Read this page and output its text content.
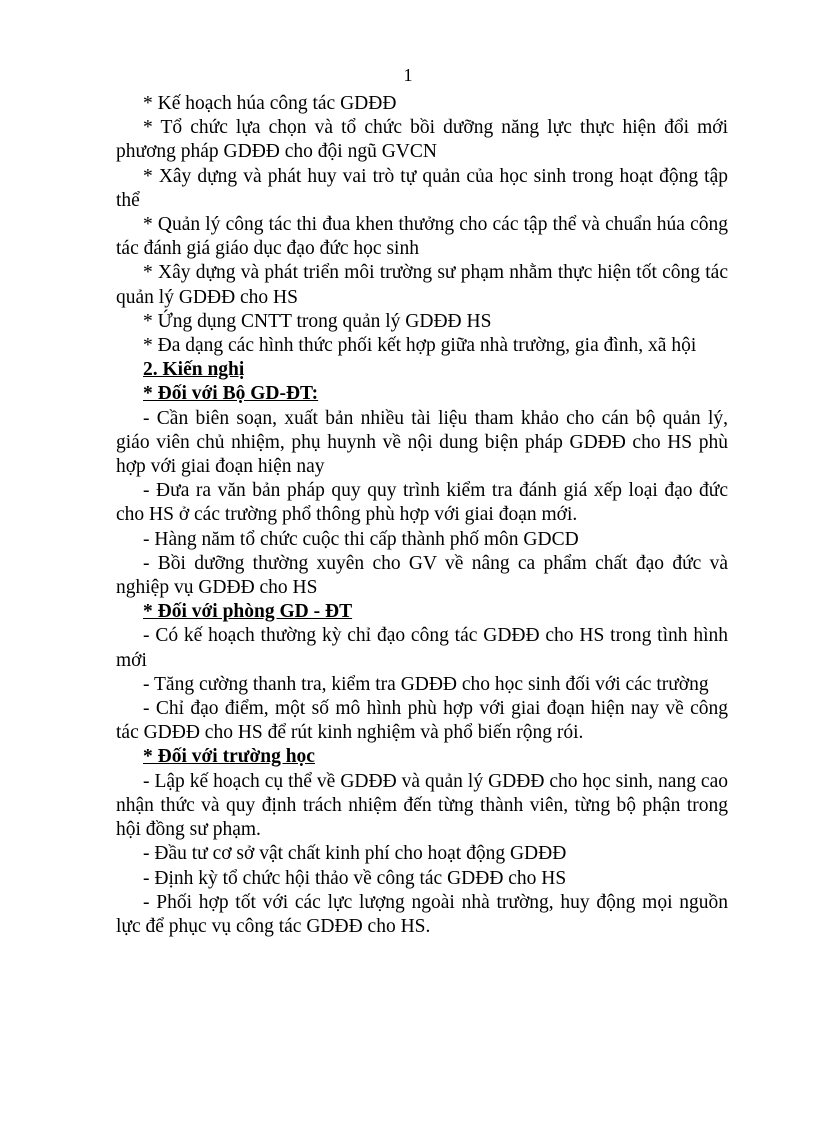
1

* Kế hoạch húa công tác GDĐĐ

* Tổ chức lựa chọn và tổ chức bồi dưỡng năng lực thực hiện đổi mới phương pháp GDĐĐ cho đội ngũ GVCN

* Xây dựng và phát huy vai trò tự quản của học sinh trong hoạt động tập thể

* Quản lý công tác thi đua khen thưởng cho các tập thể và chuẩn húa công tác đánh giá giáo dục đạo đức học sinh

* Xây dựng và phát triển môi trường sư phạm nhằm thực hiện tốt công tác quản lý GDĐĐ cho HS

* Ứng dụng CNTT trong quản lý GDĐĐ HS

* Đa dạng các hình thức phối kết hợp giữa nhà trường, gia đình, xã hội

2. Kiến nghị

* Đối với Bộ GD-ĐT:

- Cần biên soạn, xuất bản nhiều tài liệu tham khảo cho cán bộ quản lý, giáo viên chủ nhiệm, phụ huynh về nội dung biện pháp GDĐĐ cho HS phù hợp với giai đoạn hiện nay

- Đưa ra văn bản pháp quy quy trình kiểm tra đánh giá xếp loại đạo đức cho HS ở các trường phổ thông phù hợp với giai đoạn mới.

- Hàng năm tổ chức cuộc thi cấp thành phố môn GDCD

- Bồi dưỡng thường xuyên cho GV về nâng ca phẩm chất đạo đức và nghiệp vụ GDĐĐ cho HS

* Đối với phòng GD - ĐT

- Có kế hoạch thường kỳ chỉ đạo công tác GDĐĐ cho HS trong tình hình mới

- Tăng cường thanh tra, kiểm tra GDĐĐ cho học sinh đối với các trường

- Chỉ đạo điểm, một số mô hình phù hợp với giai đoạn hiện nay về công tác GDĐĐ cho HS để rút kinh nghiệm và phổ biến rộng rói.

* Đối với trường học

- Lập kế hoạch cụ thể về GDĐĐ và quản lý GDĐĐ cho học sinh, nang cao nhận thức và quy định trách nhiệm đến từng thành viên, từng bộ phận trong hội đồng sư phạm.

- Đầu tư cơ sở vật chất kinh phí cho hoạt động GDĐĐ

- Định kỳ tổ chức hội thảo về công tác GDĐĐ cho HS

- Phối hợp tốt với các lực lượng ngoài nhà trường, huy động mọi nguồn lực để phục vụ công tác GDĐĐ cho HS.
